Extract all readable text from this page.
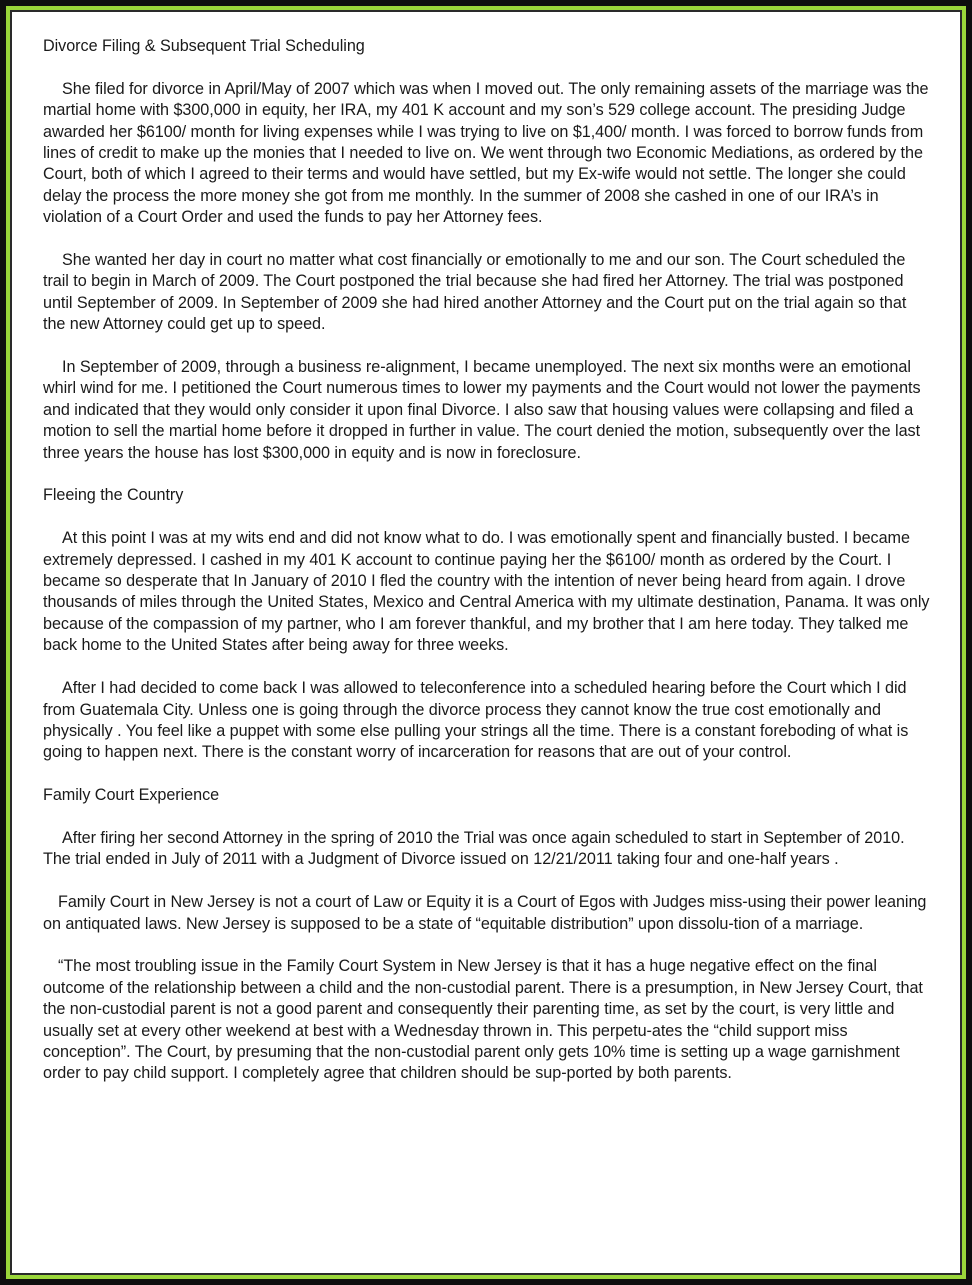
Divorce Filing & Subsequent Trial Scheduling
She filed for divorce in April/May of 2007 which was when I moved out. The only remaining assets of the marriage was the martial home with $300,000 in equity, her IRA, my 401 K account and my son’s 529 college account. The presiding Judge awarded her $6100/ month for living expenses while I was trying to live on $1,400/ month. I was forced to borrow funds from lines of credit to make up the monies that I needed to live on. We went through two Economic Mediations, as ordered by the Court, both of which I agreed to their terms and would have settled, but my Ex-wife would not settle. The longer she could delay the process the more money she got from me monthly. In the summer of 2008 she cashed in one of our IRA’s in violation of a Court Order and used the funds to pay her Attorney fees.
She wanted her day in court no matter what cost financially or emotionally to me and our son. The Court scheduled the trail to begin in March of 2009. The Court postponed the trial because she had fired her Attorney. The trial was postponed until September of 2009. In September of 2009 she had hired another Attorney and the Court put on the trial again so that the new Attorney could get up to speed.
In September of 2009, through a business re-alignment, I became unemployed. The next six months were an emotional whirl wind for me. I petitioned the Court numerous times to lower my payments and the Court would not lower the payments and indicated that they would only consider it upon final Divorce. I also saw that housing values were collapsing and filed a motion to sell the martial home before it dropped in further in value. The court denied the motion, subsequently over the last three years the house has lost $300,000 in equity and is now in foreclosure.
Fleeing the Country
At this point I was at my wits end and did not know what to do. I was emotionally spent and financially busted. I became extremely depressed. I cashed in my 401 K account to continue paying her the $6100/ month as ordered by the Court. I became so desperate that In January of 2010 I fled the country with the intention of never being heard from again. I drove thousands of miles through the United States, Mexico and Central America with my ultimate destination, Panama. It was only because of the compassion of my partner, who I am forever thankful, and my brother that I am here today. They talked me back home to the United States after being away for three weeks.
After I had decided to come back I was allowed to teleconference into a scheduled hearing before the Court which I did from Guatemala City. Unless one is going through the divorce process they cannot know the true cost emotionally and physically . You feel like a puppet with some else pulling your strings all the time. There is a constant foreboding of what is going to happen next. There is the constant worry of incarceration for reasons that are out of your control.
Family Court Experience
After firing her second Attorney in the spring of 2010 the Trial was once again scheduled to start in September of 2010. The trial ended in July of 2011 with a Judgment of Divorce issued on 12/21/2011 taking four and one-half years .
Family Court in New Jersey is not a court of Law or Equity it is a Court of Egos with Judges miss-using their power leaning on antiquated laws. New Jersey is supposed to be a state of “equitable distribution” upon dissolu-tion of a marriage.
“The most troubling issue in the Family Court System in New Jersey is that it has a huge negative effect on the final outcome of the relationship between a child and the non-custodial parent. There is a presumption, in New Jersey Court, that the non-custodial parent is not a good parent and consequently their parenting time, as set by the court, is very little and usually set at every other weekend at best with a Wednesday thrown in. This perpetu-ates the “child support miss conception”. The Court, by presuming that the non-custodial parent only gets 10% time is setting up a wage garnishment order to pay child support. I completely agree that children should be sup-ported by both parents.
